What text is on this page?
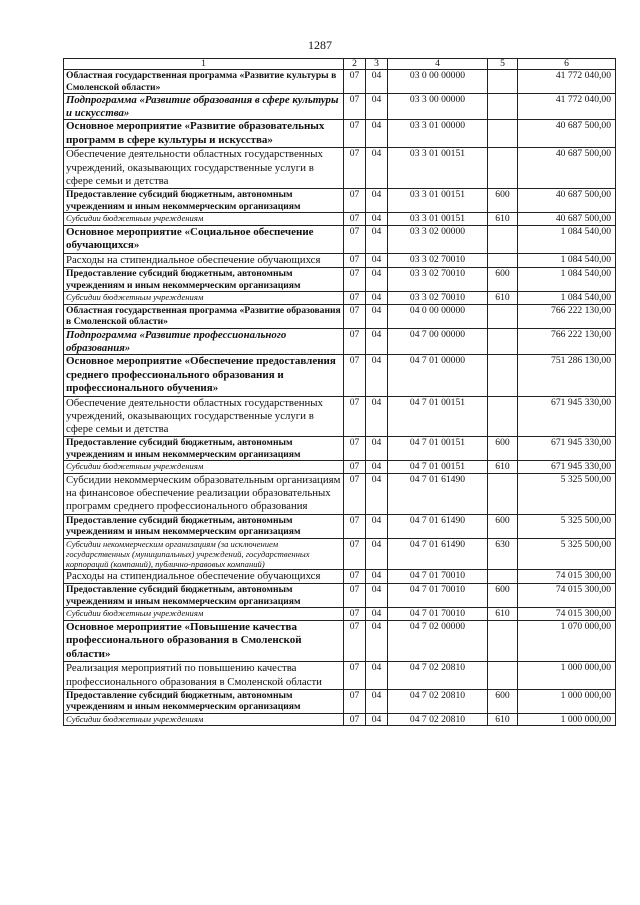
1287
1	2	3	4	5	6
Областная государственная программа «Развитие культуры в Смоленской области»	07	04	03 0 00 00000		41 772 040,00
Подпрограмма «Развитие образования в сфере культуры и искусства»	07	04	03 3 00 00000		41 772 040,00
Основное мероприятие «Развитие образовательных программ в сфере культуры и искусства»	07	04	03 3 01 00000		40 687 500,00
Обеспечение деятельности областных государственных учреждений, оказывающих государственные услуги в сфере семьи и детства	07	04	03 3 01 00151		40 687 500,00
Предоставление субсидий бюджетным, автономным учреждениям и иным некоммерческим организациям	07	04	03 3 01 00151	600	40 687 500,00
Субсидии бюджетным учреждениям	07	04	03 3 01 00151	610	40 687 500,00
Основное мероприятие «Социальное обеспечение обучающихся»	07	04	03 3 02 00000		1 084 540,00
Расходы на стипендиальное обеспечение обучающихся	07	04	03 3 02 70010		1 084 540,00
Предоставление субсидий бюджетным, автономным учреждениям и иным некоммерческим организациям	07	04	03 3 02 70010	600	1 084 540,00
Субсидии бюджетным учреждениям	07	04	03 3 02 70010	610	1 084 540,00
Областная государственная программа «Развитие образования в Смоленской области»	07	04	04 0 00 00000		766 222 130,00
Подпрограмма «Развитие профессионального образования»	07	04	04 7 00 00000		766 222 130,00
Основное мероприятие «Обеспечение предоставления среднего профессионального образования и профессионального обучения»	07	04	04 7 01 00000		751 286 130,00
Обеспечение деятельности областных государственных учреждений, оказывающих государственные услуги в сфере семьи и детства	07	04	04 7 01 00151		671 945 330,00
Предоставление субсидий бюджетным, автономным учреждениям и иным некоммерческим организациям	07	04	04 7 01 00151	600	671 945 330,00
Субсидии бюджетным учреждениям	07	04	04 7 01 00151	610	671 945 330,00
Субсидии некоммерческим образовательным организациям на финансовое обеспечение реализации образовательных программ среднего профессионального образования	07	04	04 7 01 61490		5 325 500,00
Предоставление субсидий бюджетным, автономным учреждениям и иным некоммерческим организациям	07	04	04 7 01 61490	600	5 325 500,00
Субсидии некоммерческим организациям (за исключением государственных (муниципальных) учреждений, государственных корпораций (компаний), публично-правовых компаний)	07	04	04 7 01 61490	630	5 325 500,00
Расходы на стипендиальное обеспечение обучающихся	07	04	04 7 01 70010		74 015 300,00
Предоставление субсидий бюджетным, автономным учреждениям и иным некоммерческим организациям	07	04	04 7 01 70010	600	74 015 300,00
Субсидии бюджетным учреждениям	07	04	04 7 01 70010	610	74 015 300,00
Основное мероприятие «Повышение качества профессионального образования в Смоленской области»	07	04	04 7 02 00000		1 070 000,00
Реализация мероприятий по повышению качества профессионального образования в Смоленской области	07	04	04 7 02 20810		1 000 000,00
Предоставление субсидий бюджетным, автономным учреждениям и иным некоммерческим организациям	07	04	04 7 02 20810	600	1 000 000,00
Субсидии бюджетным учреждениям	07	04	04 7 02 20810	610	1 000 000,00
